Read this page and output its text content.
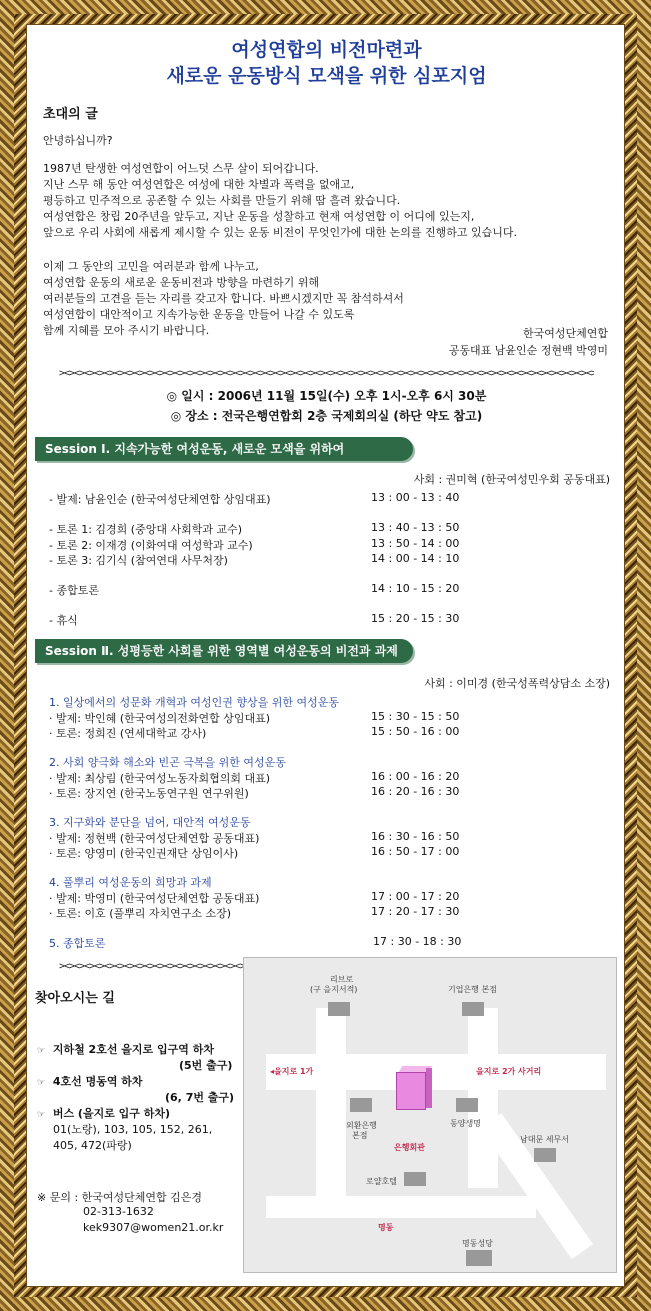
여성연합의 비전마련과
새로운 운동방식 모색을 위한 심포지엄
초대의 글
안녕하십니까?
1987년 탄생한 여성연합이 어느덧 스무 살이 되어갑니다.
지난 스무 해 동안 여성연합은 여성에 대한 차별과 폭력을 없애고,
평등하고 민주적으로 공존할 수 있는 사회를 만들기 위해 땀 흘려 왔습니다.
여성연합은 창립 20주년을 앞두고, 지난 운동을 성찰하고 현재 여성연합 이 어디에 있는지,
앞으로 우리 사회에 새롭게 제시할 수 있는 운동 비전이 무엇인가에 대한 논의를 진행하고 있습니다.
이제 그 동안의 고민을 여러분과 함께 나누고,
여성연합 운동의 새로운 운동비전과 방향을 마련하기 위해
여러분들의 고견을 듣는 자리를 갖고자 합니다. 바쁘시겠지만 꼭 참석하셔서
여성연합이 대안적이고 지속가능한 운동을 만들어 나갈 수 있도록
함께 지혜를 모아 주시기 바랍니다.	한국여성단체연합
공동대표 남윤인순 정현백 박영미
><><><><><><><><><><><><><><><><><><><><><><><><><><><><><><><><><><><><><><><><><><><><><><><><><><><><><><><><><><><><><><><><><><><><><><>
◎ 일시 : 2006년 11월 15일(수) 오후 1시-오후 6시 30분
◎ 장소 : 전국은행연합회 2층 국제회의실 (하단 약도 참고)
Session Ⅰ. 지속가능한 여성운동, 새로운 모색을 위하여
사회 : 권미혁 (한국여성민우회 공동대표)
- 발제: 남윤인순 (한국여성단체연합 상임대표)	13 : 00 - 13 : 40
- 토론 1: 김경희 (중앙대 사회학과 교수)	13 : 40 - 13 : 50
- 토론 2: 이재경 (이화여대 여성학과 교수)	13 : 50 - 14 : 00
- 토론 3: 김기식 (참여연대 사무처장)	14 : 00 - 14 : 10
- 종합토론	14 : 10 - 15 : 20
- 휴식	15 : 20 - 15 : 30
Session Ⅱ. 성평등한 사회를 위한 영역별 여성운동의 비전과 과제
사회 : 이미경 (한국성폭력상담소 소장)
1. 일상에서의 성문화 개혁과 여성인권 향상을 위한 여성운동
· 발제: 박인혜 (한국여성의전화연합 상임대표)	15 : 30 - 15 : 50
· 토론: 정희진 (연세대학교 강사)	15 : 50 - 16 : 00
2. 사회 양극화 해소와 빈곤 극복을 위한 여성운동
· 발제: 최상림 (한국여성노동자회협의회 대표)	16 : 00 - 16 : 20
· 토론: 장지연 (한국노동연구원 연구위원)	16 : 20 - 16 : 30
3. 지구화와 분단을 넘어, 대안적 여성운동
· 발제: 정현백 (한국여성단체연합 공동대표)	16 : 30 - 16 : 50
· 토론: 양영미 (한국인권재단 상임이사)	16 : 50 - 17 : 00
4. 풀뿌리 여성운동의 희망과 과제
· 발제: 박영미 (한국여성단체연합 공동대표)	17 : 00 - 17 : 20
· 토론: 이호 (풀뿌리 자치연구소 소장)	17 : 20 - 17 : 30
5. 종합토론	17 : 30 - 18 : 30
><><><><><><><><><><><><><><><><><><><><><><><><><><><><><><><><><><><><><><><><><><><><><><><><><><><><><><><><><><><><><><><><><><><><><><>
찾아오시는 길
☞ 지하철 2호선 을지로 입구역 하차
(5번 출구)
☞ 4호선 명동역 하차
(6, 7번 출구)
☞ 버스 (을지로 입구 하차)
01(노랑), 103, 105, 152, 261,
405, 472(파랑)
※ 문의 : 한국여성단체연합 김은경
02-313-1632
kek9307@women21.or.kr
리브로
(구 을지서적)	기업은행 본점
◂을지로 1가	을지로 2가 사거리
외환은행
본점
은행회관
동양생명
남대문 세무서
로얄호텔
명동
명동성당
